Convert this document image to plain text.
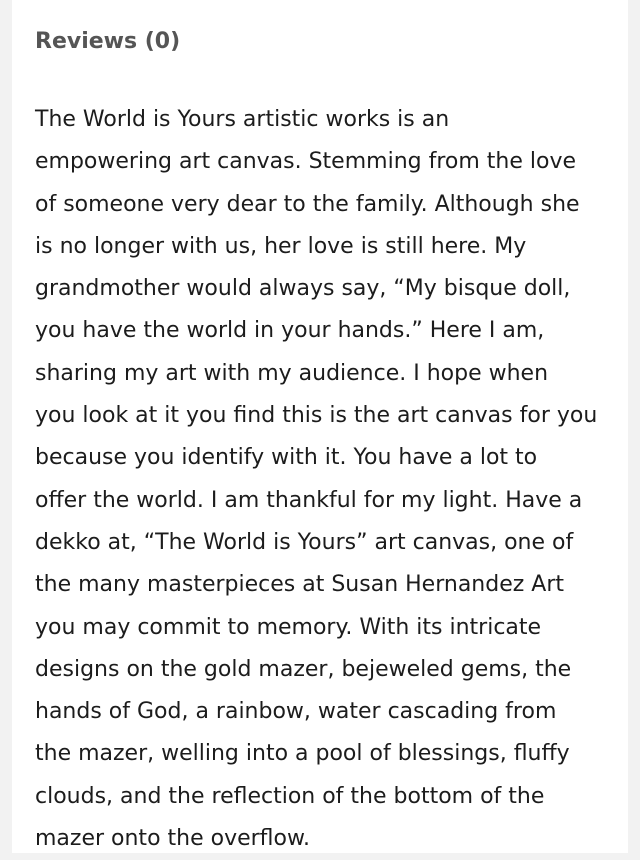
Reviews (0)

The World is Yours artistic works is an
empowering art canvas. Stemming from the love
of someone very dear to the family. Although she
is no longer with us, her love is still here. My
grandmother would always say, “My bisque doll,
you have the world in your hands.” Here I am,
sharing my art with my audience. I hope when
you look at it you find this is the art canvas for you
because you identify with it. You have a lot to
offer the world. I am thankful for my light. Have a
dekko at, “The World is Yours” art canvas, one of
the many masterpieces at Susan Hernandez Art
you may commit to memory. With its intricate
designs on the gold mazer, bejeweled gems, the
hands of God, a rainbow, water cascading from
the mazer, welling into a pool of blessings, fluffy
clouds, and the reflection of the bottom of the
mazer onto the overflow.
